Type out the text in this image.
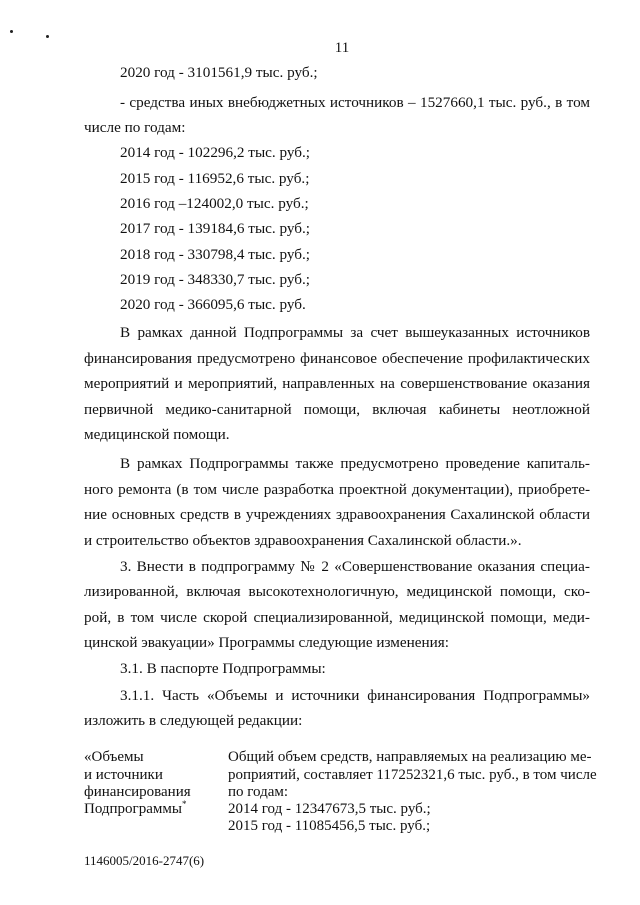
11
2020 год - 3101561,9 тыс. руб.;
- средства иных внебюджетных источников – 1527660,1 тыс. руб., в том
числе по годам:
2014 год - 102296,2 тыс. руб.;
2015 год - 116952,6 тыс. руб.;
2016 год –124002,0 тыс. руб.;
2017 год - 139184,6 тыс. руб.;
2018 год - 330798,4 тыс. руб.;
2019 год - 348330,7 тыс. руб.;
2020 год - 366095,6 тыс. руб.
В рамках данной Подпрограммы за счет вышеуказанных источников
финансирования предусмотрено финансовое обеспечение профилактических
мероприятий и мероприятий, направленных на совершенствование оказания
первичной медико-санитарной помощи, включая кабинеты неотложной
медицинской помощи.
В рамках Подпрограммы также предусмотрено проведение капиталь-
ного ремонта (в том числе разработка проектной документации), приобрете-
ние основных средств в учреждениях здравоохранения Сахалинской области
и строительство объектов здравоохранения Сахалинской области.».
3. Внести в подпрограмму № 2 «Совершенствование оказания специа-
лизированной, включая высокотехнологичную, медицинской помощи, ско-
рой, в том числе скорой специализированной, медицинской помощи, меди-
цинской эвакуации» Программы следующие изменения:
3.1. В паспорте Подпрограммы:
3.1.1. Часть «Объемы и источники финансирования Подпрограммы»
изложить в следующей редакции:
«Объемы
и источники
финансирования
Подпрограммы*
Общий объем средств, направляемых на реализацию ме-
роприятий, составляет 117252321,6 тыс. руб., в том числе
по годам:
2014 год - 12347673,5 тыс. руб.;
2015 год - 11085456,5 тыс. руб.;
1146005/2016-2747(6)
